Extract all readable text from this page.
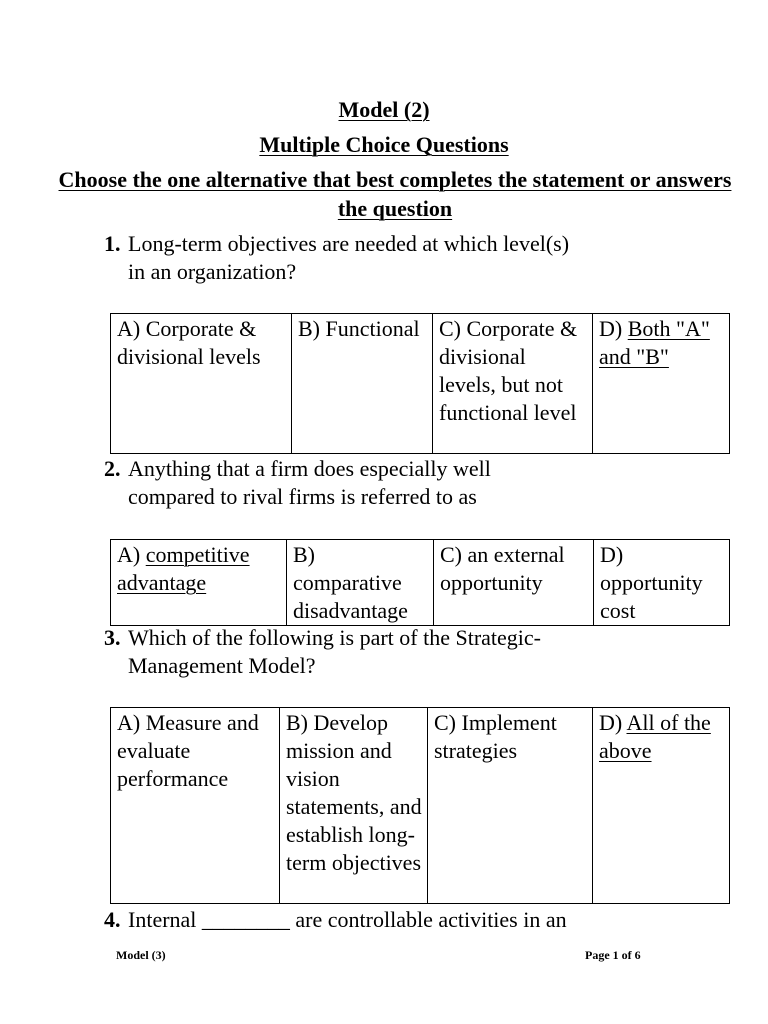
Model (2)
Multiple Choice Questions
Choose the one alternative that best completes the statement or answers the question
1. Long-term objectives are needed at which level(s)
in an organization?
A) Corporate & divisional levels	B) Functional	C) Corporate & divisional levels, but not functional level	D) Both "A" and "B"
2. Anything that a firm does especially well
compared to rival firms is referred to as
A) competitive advantage	B) comparative disadvantage	C) an external opportunity	D) opportunity cost
3. Which of the following is part of the Strategic-
Management Model?
A) Measure and evaluate performance	B) Develop mission and vision statements, and establish long-term objectives	C) Implement strategies	D) All of the above
4. Internal ________ are controllable activities in an
Model (3)	Page 1 of 6
